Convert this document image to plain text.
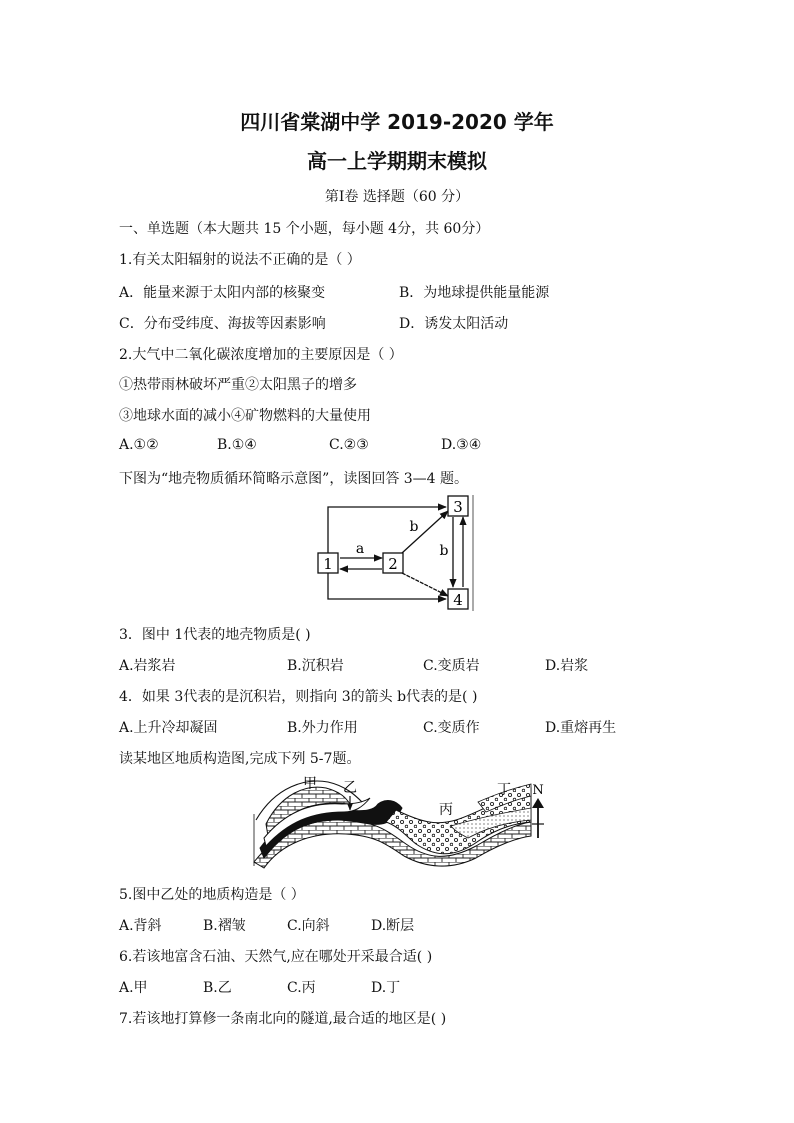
四川省棠湖中学 2019-2020 学年
高一上学期期末模拟
第Ⅰ卷 选择题（60 分）
一、单选题（本大题共 15 个小题，每小题 4分，共 60分）
1.有关太阳辐射的说法不正确的是（ ）
A．能量来源于太阳内部的核聚变	B．为地球提供能量能源
C．分布受纬度、海拔等因素影响	D．诱发太阳活动
2.大气中二氧化碳浓度增加的主要原因是（ ）
①热带雨林破坏严重②太阳黑子的增多
③地球水面的减小④矿物燃料的大量使用
A.①②	B.①④	C.②③	D.③④
下图为“地壳物质循环简略示意图”，读图回答 3—4 题。
1	2
3
4
a
b
b
3．图中 1代表的地壳物质是( )
A.岩浆岩	B.沉积岩	C.变质岩	D.岩浆
4．如果 3代表的是沉积岩，则指向 3的箭头 b代表的是( )
A.上升冷却凝固	B.外力作用	C.变质作	D.重熔再生
读某地区地质构造图,完成下列 5-7题。
甲 乙
丙
丁 N
5.图中乙处的地质构造是（ ）
A.背斜	B.褶皱	C.向斜	D.断层
6.若该地富含石油、天然气,应在哪处开采最合适( )
A.甲	B.乙	C.丙	D.丁
7.若该地打算修一条南北向的隧道,最合适的地区是( )
